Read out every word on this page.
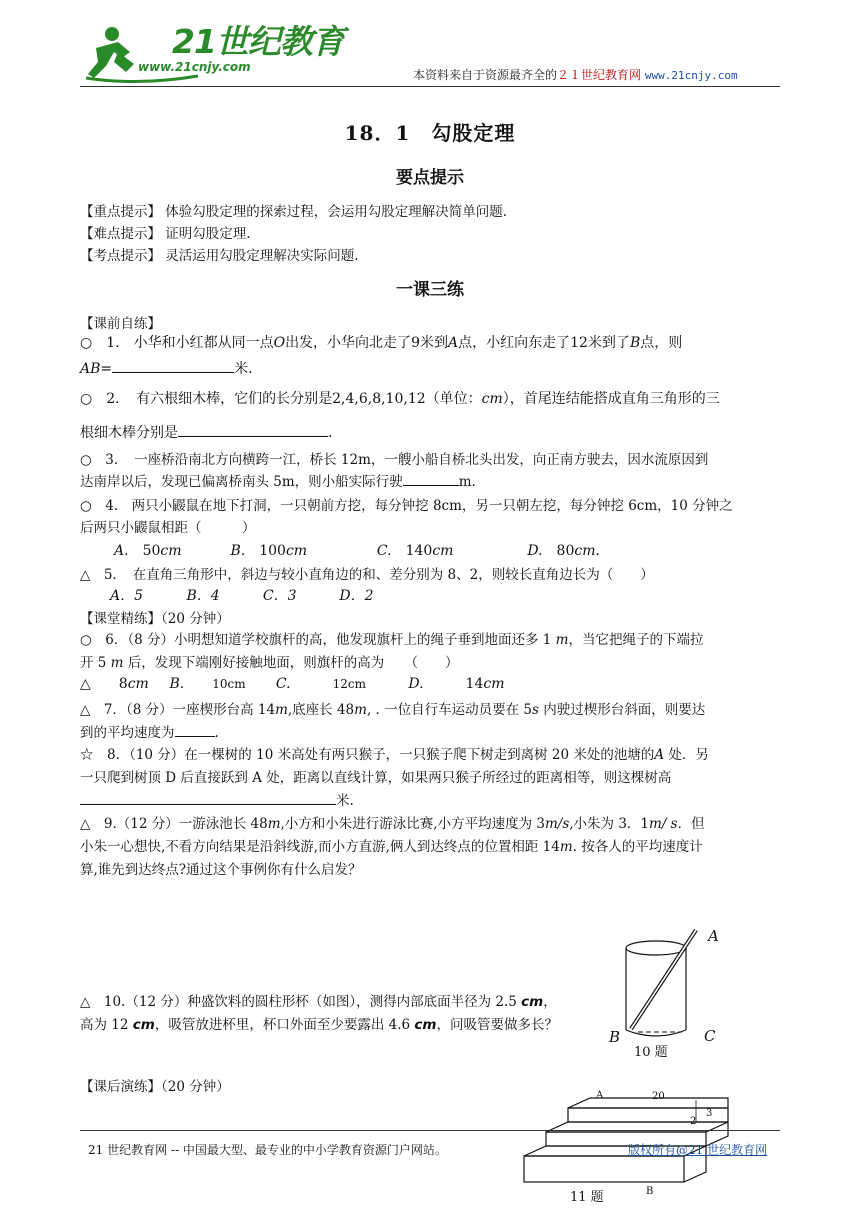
21世纪教育
www.21cnjy.com
本资料来自于资源最齐全的２１世纪教育网 www.21cnjy.com
18．1　勾股定理
要点提示
【重点提示】 体验勾股定理的探索过程，会运用勾股定理解决简单问题.
【难点提示】 证明勾股定理.
【考点提示】 灵活运用勾股定理解决实际问题.
一课三练
【课前自练】
○　1.　小华和小红都从同一点O出发，小华向北走了9米到A点，小红向东走了12米到了B点，则
AB=	米.
○　2．　有六根细木棒，它们的长分别是2,4,6,8,10,12（单位：cm），首尾连结能搭成直角三角形的三
根细木棒分别是	.
○　3．　一座桥沿南北方向横跨一江，桥长 12m，一艘小船自桥北头出发，向正南方驶去，因水流原因到
达南岸以后，发现已偏离桥南头 5m，则小船实际行驶	m.
○　4.　两只小鼹鼠在地下打洞，一只朝前方挖，每分钟挖 8cm，另一只朝左挖，每分钟挖 6cm，10 分钟之
后两只小鼹鼠相距（　　　）
A.　 50cm	B.　 100cm	C.　 140cm	D.　 80cm.
△　5．　在直角三角形中，斜边与较小直角边的和、差分别为 8、2，则较长直角边长为（　　）
A．5	B．4	C．3	D．2
【课堂精练】（20 分钟）
○　6．（8 分）小明想知道学校旗杆的高，他发现旗杆上的绳子垂到地面还多 1 m，当它把绳子的下端拉
开 5 m 后，发现下端刚好接触地面，则旗杆的高为　　（　　）
△　　8cm B.　　 10cm C.　　　	12cm	D.　　　	14cm
△　7．（8 分）一座楔形台高 14m,底座长 48m, . 一位自行车运动员要在 5s 内驶过楔形台斜面，则要达
到的平均速度为	.
☆　8．（10 分）在一棵树的 10 米高处有两只猴子，一只猴子爬下树走到离树 20 米处的池塘的A 处．另
一只爬到树顶 D 后直接跃到 A 处，距离以直线计算，如果两只猴子所经过的距离相等，则这棵树高
米.
△　9.（12 分）一游泳池长 48m,小方和小朱进行游泳比赛,小方平均速度为 3m/s,小朱为 3．1m/ s．但
小朱一心想快,不看方向结果是沿斜线游,而小方直游,俩人到达终点的位置相距 14m. 按各人的平均速度计
算,谁先到达终点?通过这个事例你有什么启发？
A
B	C
10 题
△　10.（12 分）种盛饮料的圆柱形杯（如图），测得内部底面半径为 2.5 cm，
高为 12 cm，吸管放进杯里，杯口外面至少要露出 4.6 cm，问吸管要做多长？
【课后演练】（20 分钟）
A	20
2
3
B
11 题
21 世纪教育网 -- 中国最大型、最专业的中小学教育资源门户网站。	版权所有@21 世纪教育网
